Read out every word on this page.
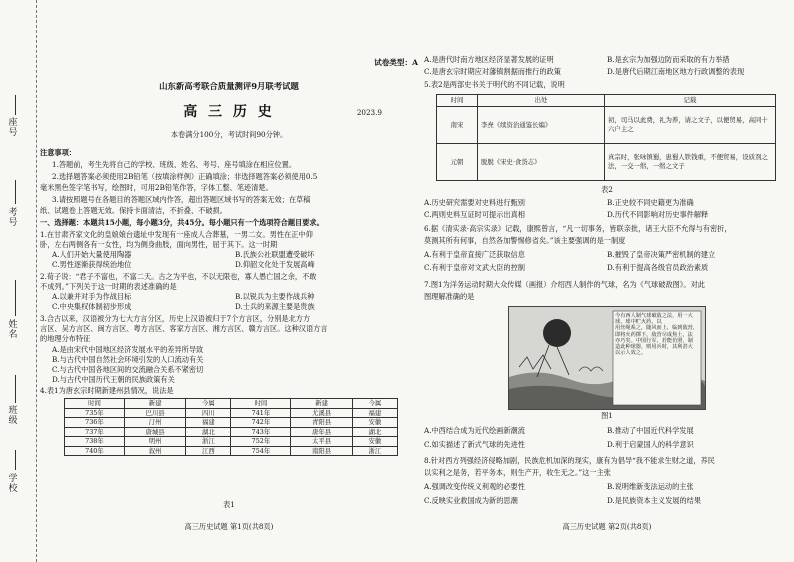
座号
考号
姓名
班级
学校
试卷类型：A
山东新高考联合质量测评9月联考试题
高 三 历 史	2023.9
本卷满分100分，考试时间90分钟。
注意事项：
1.答题前，考生先将自己的学校、班级、姓名、考号、座号填涂在相应位置。
2.选择题答案必须使用2B铅笔（按填涂样例）正确填涂；非选择题答案必须使用0.5
毫米黑色签字笔书写，绘图时，可用2B铅笔作答，字体工整、笔迹清楚。
3.请按照题号在各题目的答题区域内作答，超出答题区域书写的答案无效；在草稿
纸、试题卷上答题无效。保持卡面清洁，不折叠、不破损。
一、选择题：本题共15小题，每小题3分，共45分。每小题只有一个选项符合题目要求。
1.在甘肃齐家文化的皇娘娘台遗址中发现有一座成人合葬墓，一男二女。男性在正中仰
卧，左右两侧各有一女性，均为侧身曲肢，面向男性，屈于其下。这一时期
A.人们开始大量使用陶器	B.氏族公社联盟遭受破坏
C.男性逐渐获得统治地位	D.仰韶文化处于发展高峰
2.荀子说：“君子不富也，不富二天。古之为平也，不以无限也，寡人愚亡国之余，不敢
不成列。”下列关于这一时期的表述准确的是
A.以兼并对手为作战目标	B.以锐兵为主要作战兵种
C.中央集权体制初步形成	D.士兵的来源主要是贵族
3.合古以来，汉语被分为七大方言分区，历史上汉语被归于7个方言区，分别是北方方
言区、吴方言区、闽方言区、粤方言区、客家方言区、湘方言区、赣方言区。这种汉语方言
的地理分布特征
A.是由宋代中国地区经济发展水平的差异所导致
B.与古代中国自然社会环境引发的人口流动有关
C.与古代中国各地区间的交流融合关系不紧密切
D.与古代中国历代王朝的民族政策有关
4.表1为唐玄宗时期新建州县情况，说法是
时间	新建	今属	时间	新建	今属
735年	巴川县	四川	741年	尤溪县	福建
736年	汀州	福建	742年	青阳县	安徽
737年	唐城县	湖北	743年	唐年县	湖北
738年	明州	浙江	752年	太平县	安徽
740年	叙州	江西	754年	南阳县	浙江
表1
高三历史试题 第1页(共8页)
A.是唐代时南方地区经济显著发展的证明	B.是玄宗为加强边防而采取的有力举措
C.是唐玄宗时期应对藩镇割据而推行的政策	D.是唐代后期江南地区地方行政调整的表现
5.表2是两部史书关于明代的不同记载，说明
时间	出处	记载
南宋	李焘《续资治通鉴长编》	初，司马以此费，礼为养，请之文子，以便贸易，高同十六户主之
元朝	脱脱《宋史·食货志》	真宗时，张咏镇蜀，患蜀人铁钱重，不便贸易，设质剂之法，一交一缗，一缗之文子
表2
A.历史研究需要对史料进行甄别	B.正史较不同史籍更为准确
C.两则史料互证时可提示出真相	D.历代不同影响对历史事件解释
6.据《清实录·高宗实录》记载，康熙曾言，“凡一切事务，皆联亲批，诸王大臣不允得与有密折，
莫测其所有何事，自然各加警惕修省矣。”该主要强调的是一制度
A.有利于皇帝直接广泛获取信息	B.摧毁了皇帝决策严密机制的建立
C.有利于皇帝对文武大臣的控制	D.有利于提高各级官员政治素质
7.图1为洋务运动时期大众传媒（画报）介绍西人制作的气球，名为《气球破敌图》。对此
图理解准确的是
今有西人制气球破敌之法，用一大球，球中贮火药，以
用丝绳系之，随风而上，临到敌营，
即将火药掷下，敌营尽成焦土，法
亦巧矣。中国行军，若能仿照，制
造此种球器，则用兵时，其利甚大
以示人效之。
图1
A.中西结合成为近代绘画新潮流	B.推动了中国近代科学发展
C.如实描述了新式气球的先进性	D.利于启蒙国人的科学意识
8.针对西方列强经济侵略加剧，民族危机加深的现实，康有为倡导“我不能求生财之道，养民
以实利之是务，若平务本，则生产开，收生无之。”这一主张
A.强调改变传统义利观的必要性	B.说明维新变法运动的主张
C.反映实业救国成为新的思潮	D.是民族资本主义发展的结果
高三历史试题 第2页(共8页)
